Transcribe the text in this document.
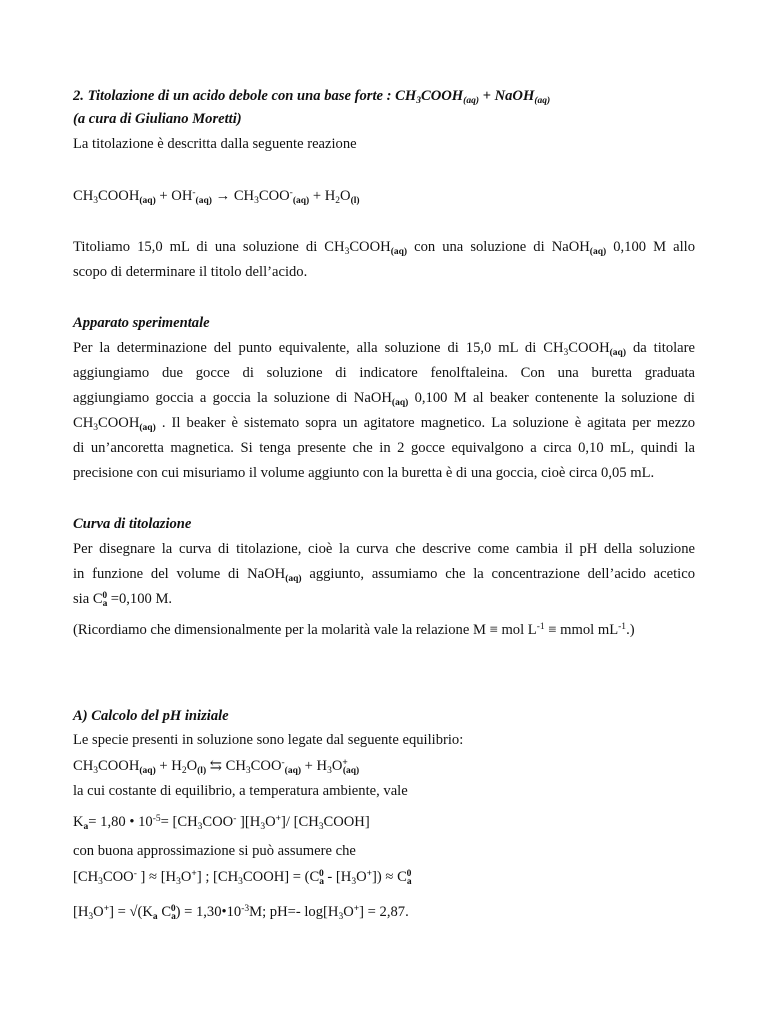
2. Titolazione di un acido debole con una base forte : $CH_3COOH_{(aq)}$ + NaOH$_{(aq)}$
(a cura di Giuliano Moretti)
La titolazione è descritta dalla seguente reazione
$CH_3COOH_{(aq)} + OH^-_{(aq)} \to CH_3COO^-_{(aq)} + H_2O_{(l)}$
Titoliamo 15,0 mL di una soluzione di $CH_3COOH_{(aq)}$ con una soluzione di NaOH$_{(aq)}$ 0,100 M allo
scopo di determinare il titolo dell’acido.
Apparato sperimentale
Per la determinazione del punto equivalente, alla soluzione di 15,0 mL di $CH_3COOH_{(aq)}$ da titolare
aggiungiamo due gocce di soluzione di indicatore fenolftaleina. Con una buretta graduata
aggiungiamo goccia a goccia la soluzione di NaOH$_{(aq)}$ 0,100 M al beaker contenente la soluzione di
$CH_3COOH_{(aq)}$ . Il beaker è sistemato sopra un agitatore magnetico. La soluzione è agitata per mezzo
di un’ancoretta magnetica. Si tenga presente che in 2 gocce equivalgono a circa 0,10 mL, quindi la
precisione con cui misuriamo il volume aggiunto con la buretta è di una goccia, cioè circa 0,05 mL.
Curva di titolazione
Per disegnare la curva di titolazione, cioè la curva che descrive come cambia il pH della soluzione
in funzione del volume di NaOH$_{(aq)}$ aggiunto, assumiamo che la concentrazione dell’acido acetico
sia $C_a^0 =0,100$ M.
(Ricordiamo che dimensionalmente per la molarità vale la relazione M ≡ mol $L^{-1}$ ≡ mmol $mL^{-1}$.)
A) Calcolo del pH iniziale
Le specie presenti in soluzione sono legate dal seguente equilibrio:
$CH_3COOH_{(aq)} + H_2O_{(l)}$ ⇆ $CH_3COO^-_{(aq)} + H_3O^+_{(aq)}$
la cui costante di equilibrio, a temperatura ambiente, vale
$K_a= 1,80$ • $10^{-5}= [CH_3COO^-$ ]$[H_3O^+]/$ $[CH_3COOH]$
con buona approssimazione si può assumere che
[$CH_3COO^-$ ] ≈ $[H_3O^+]$ ; $[CH_3COOH] = (C_a^0 - [H_3O^+]) \approx C_a^0$
$[H_3O^+] = √(K_a$ $C_a^0$) = $1,30•10^{-3}M$; pH=- $\log[H_3O^+] = 2,87$.
